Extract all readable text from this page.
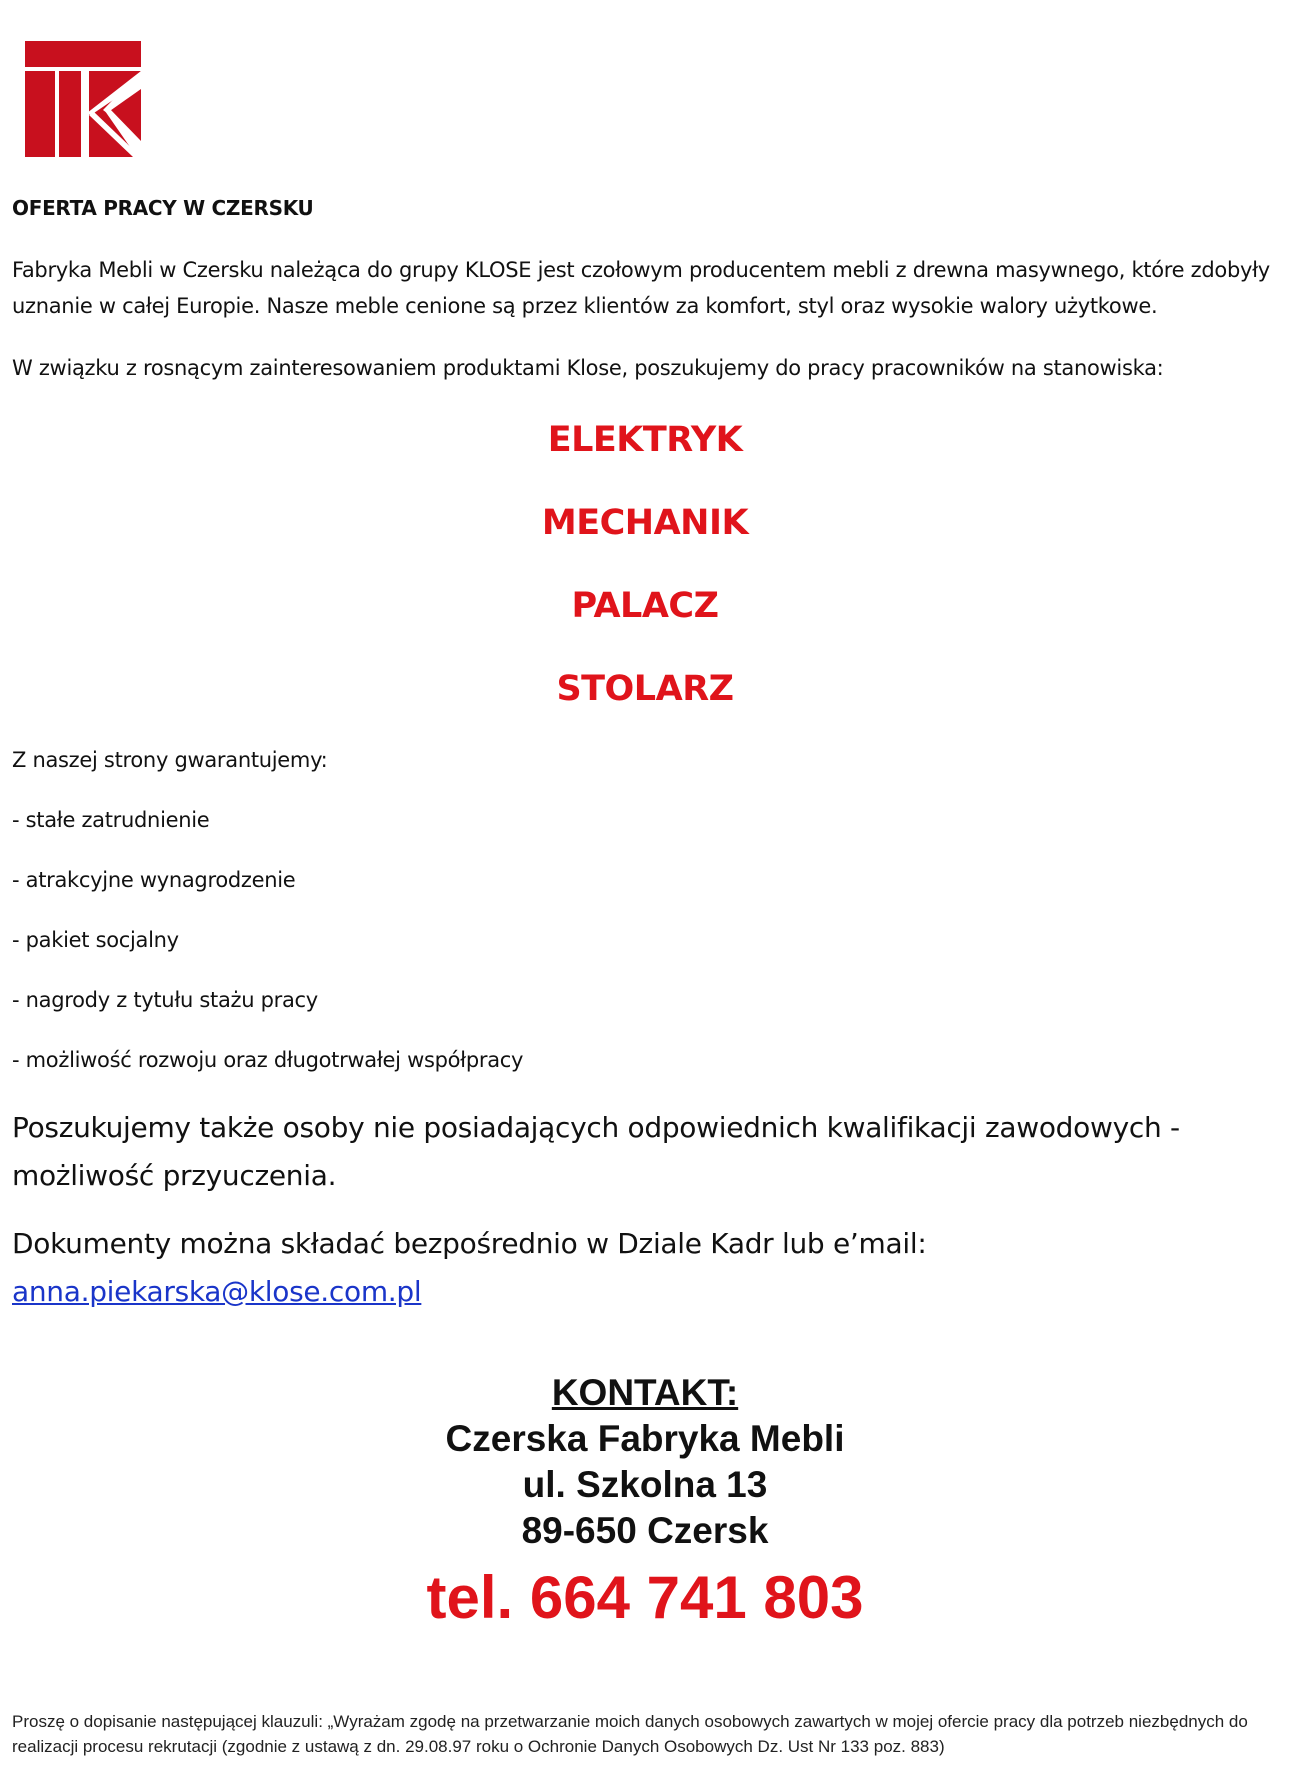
OFERTA PRACY W CZERSKU
Fabryka Mebli w Czersku należąca do grupy KLOSE jest czołowym producentem mebli z drewna masywnego, które zdobyły uznanie w całej Europie. Nasze meble cenione są przez klientów za komfort, styl oraz wysokie walory użytkowe.
W związku z rosnącym zainteresowaniem produktami Klose, poszukujemy do pracy pracowników na stanowiska:
ELEKTRYK
MECHANIK
PALACZ
STOLARZ
Z naszej strony gwarantujemy:
- stałe zatrudnienie
- atrakcyjne wynagrodzenie
- pakiet socjalny
- nagrody z tytułu stażu pracy
- możliwość rozwoju oraz długotrwałej współpracy
Poszukujemy także osoby nie posiadających odpowiednich kwalifikacji zawodowych - możliwość przyuczenia.
Dokumenty można składać bezpośrednio w Dziale Kadr lub e’mail:
anna.piekarska@klose.com.pl
KONTAKT:
Czerska Fabryka Mebli
ul. Szkolna 13
89-650 Czersk
tel. 664 741 803
Proszę o dopisanie następującej klauzuli: „Wyrażam zgodę na przetwarzanie moich danych osobowych zawartych w mojej ofercie pracy dla potrzeb niezbędnych do realizacji procesu rekrutacji (zgodnie z ustawą z dn. 29.08.97 roku o Ochronie Danych Osobowych Dz. Ust Nr 133 poz. 883)
